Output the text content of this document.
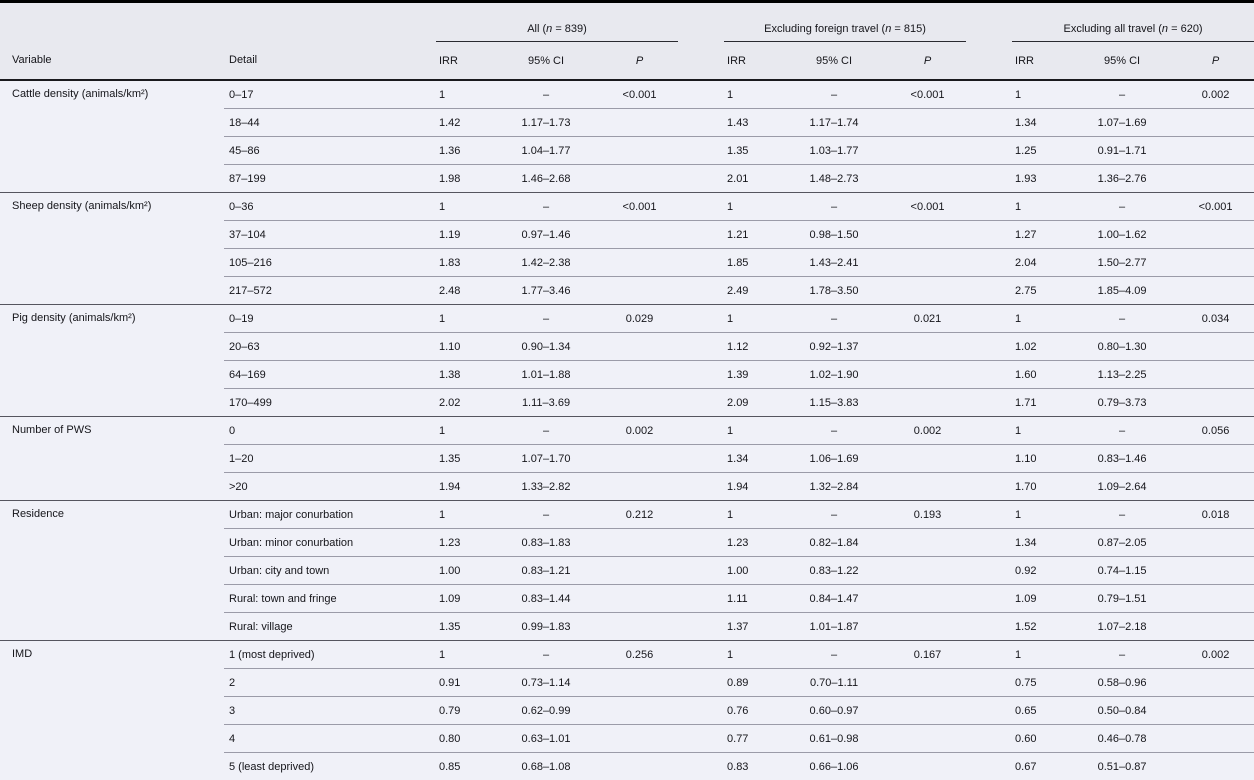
		All (n = 839)				Excluding foreign travel (n = 815)				Excluding all travel (n = 620)		
Variable	Detail	IRR	95% CI	P		IRR	95% CI	P		IRR	95% CI	P
Cattle density (animals/km²)	0–17	1	–	<0.001		1	–	<0.001		1	–	0.002
	18–44	1.42	1.17–1.73			1.43	1.17–1.74			1.34	1.07–1.69	
	45–86	1.36	1.04–1.77			1.35	1.03–1.77			1.25	0.91–1.71	
	87–199	1.98	1.46–2.68			2.01	1.48–2.73			1.93	1.36–2.76	
Sheep density (animals/km²)	0–36	1	–	<0.001		1	–	<0.001		1	–	<0.001
	37–104	1.19	0.97–1.46			1.21	0.98–1.50			1.27	1.00–1.62	
	105–216	1.83	1.42–2.38			1.85	1.43–2.41			2.04	1.50–2.77	
	217–572	2.48	1.77–3.46			2.49	1.78–3.50			2.75	1.85–4.09	
Pig density (animals/km²)	0–19	1	–	0.029		1	–	0.021		1	–	0.034
	20–63	1.10	0.90–1.34			1.12	0.92–1.37			1.02	0.80–1.30	
	64–169	1.38	1.01–1.88			1.39	1.02–1.90			1.60	1.13–2.25	
	170–499	2.02	1.11–3.69			2.09	1.15–3.83			1.71	0.79–3.73	
Number of PWS	0	1	–	0.002		1	–	0.002		1	–	0.056
	1–20	1.35	1.07–1.70			1.34	1.06–1.69			1.10	0.83–1.46	
	>20	1.94	1.33–2.82			1.94	1.32–2.84			1.70	1.09–2.64	
Residence	Urban: major conurbation	1	–	0.212		1	–	0.193		1	–	0.018
	Urban: minor conurbation	1.23	0.83–1.83			1.23	0.82–1.84			1.34	0.87–2.05	
	Urban: city and town	1.00	0.83–1.21			1.00	0.83–1.22			0.92	0.74–1.15	
	Rural: town and fringe	1.09	0.83–1.44			1.11	0.84–1.47			1.09	0.79–1.51	
	Rural: village	1.35	0.99–1.83			1.37	1.01–1.87			1.52	1.07–2.18	
IMD	1 (most deprived)	1	–	0.256		1	–	0.167		1	–	0.002
	2	0.91	0.73–1.14			0.89	0.70–1.11			0.75	0.58–0.96	
	3	0.79	0.62–0.99			0.76	0.60–0.97			0.65	0.50–0.84	
	4	0.80	0.63–1.01			0.77	0.61–0.98			0.60	0.46–0.78	
	5 (least deprived)	0.85	0.68–1.08			0.83	0.66–1.06			0.67	0.51–0.87	
